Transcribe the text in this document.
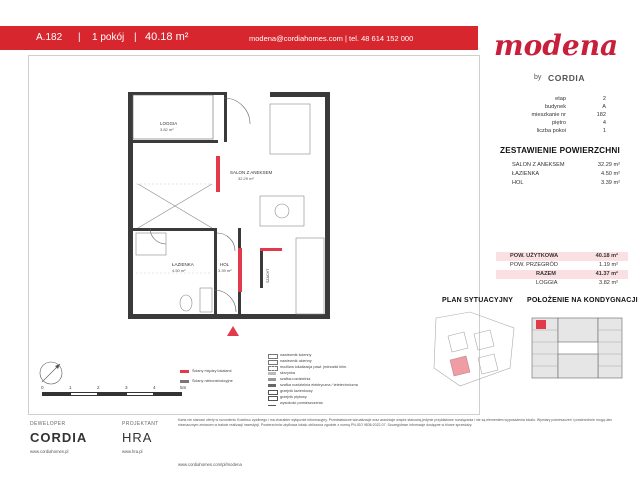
A.182 | 1 pokój | 40.18 m²	modena@cordiahomes.com | tel. 48 614 152 000	modena
by CORDIA
LOGGIA
3.82 m²
SALON Z ANEKSEM
32.29 m²
ŁAZIENKA
4.50 m²
HOL
3.39 m²	SZACHT
0	1	2	3	4	5m
Ściany między lokalami
Ściany niekonstrukcyjne
nawiewnik ścienny
nawiewnik okienny
możliwa lokalizacja pawl. jednostki klim.
skrzynka
szafka-rozdzielnia
szafka rozdzielnia elektryczna / teletechniczna
grzejnik łazienkowy
grzejnik płytowy
wysokość pomieszczenia
etap	2
budynek	A
mieszkanie nr	182
piętro	4
liczba pokoi	1
ZESTAWIENIE POWIERZCHNI
SALON Z ANEKSEM	32.29 m²
ŁAZIENKA	4.50 m²
HOL	3.39 m²
POW. UŻYTKOWA	40.18 m²
POW. PRZEGRÓD	1.19 m²
RAZEM	41.37 m²
LOGGIA	3.82 m²
PLAN SYTUACYJNY POŁOŻENIE NA KONDYGNACJI
DEWELOPER
CORDIA
www.cordiahomes.pl
PROJEKTANT
HRA
www.hra.pl
Karta nie stanowi oferty w rozumieniu Kodeksu cywilnego i ma charakter wyłącznie informacyjny. Przedstawione wizualizacje oraz aranżacje wnętrz stanowią jedynie przykładowe rozwiązania i nie są elementem wyposażenia lokalu. Wymiary pomieszczeń i powierzchnie mogą ulec nieznacznym zmianom w trakcie realizacji inwestycji. Powierzchnia użytkowa lokalu obliczona zgodnie z normą PN-ISO 9836:2022-07. Szczegółowe informacje dostępne w biurze sprzedaży.
www.cordiahomes.com/pl/modena
